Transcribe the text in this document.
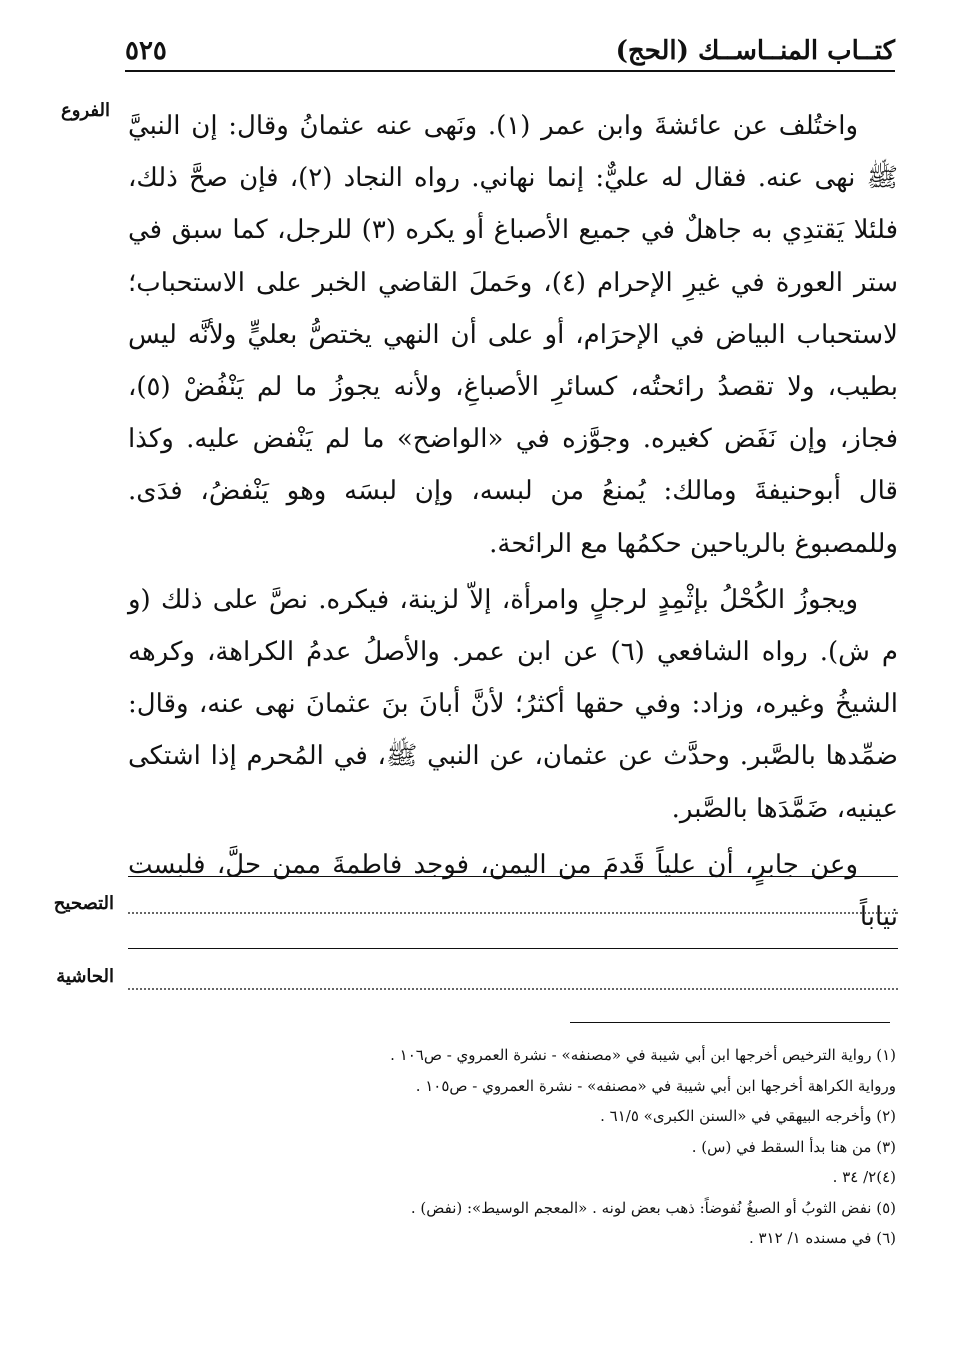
كتــاب المنــاســك (الحج)
٥٢٥
الفروع
التصحيح
الحاشية

واختُلف عن عائشةَ وابن عمر (١). ونَهى عنه عثمانُ وقال: إن النبيَّ ﷺ نهى عنه. فقال له عليٌّ: إنما نهاني. رواه النجاد (٢)، فإن صحَّ ذلك، فلئلا يَقتدِي به جاهلٌ في جميع الأصباغ أو يكره (٣) للرجل، كما سبق في ستر العورة في غيرِ الإحرام (٤)، وحَملَ القاضي الخبر على الاستحباب؛ لاستحباب البياض في الإحرَام، أو على أن النهي يختصُّ بعليٍّ ولأنَّه ليس بطيب، ولا تقصدُ رائحتُه، كسائرِ الأصباغِ، ولأنه يجوزُ ما لم يَنْفُضْ (٥)، فجاز، وإن نَفَض كغيره. وجوَّزه في «الواضح» ما لم يَنْفض عليه. وكذا قال أبوحنيفةَ ومالك: يُمنعُ من لبسه، وإن لبسَه وهو يَنْفضُ، فدَى. وللمصبوغ بالرياحين حكمُها مع الرائحة.

ويجوزُ الكُحْلُ بإثْمِدٍ لرجلٍ وامرأة، إلاّ لزينة، فيكره. نصَّ على ذلك (و م ش). رواه الشافعي (٦) عن ابن عمر. والأصلُ عدمُ الكراهة، وكرهه الشيخُ وغيره، وزاد: وفي حقها أكثرُ؛ لأنَّ أبانَ بنَ عثمانَ نهى عنه، وقال: ضمِّدها بالصَّبر. وحدَّث عن عثمان، عن النبي ﷺ، في المُحرم إذا اشتكى عينيه، ضَمَّدَها بالصَّبر.

وعن جابرٍ، أن علياً قَدمَ من اليمن، فوجد فاطمةَ ممن حلَّ، فلبست ثياباً

(١) رواية الترخيص أخرجها ابن أبي شيبة في «مصنفه» - نشرة العمروي - ص١٠٦ .
ورواية الكراهة أخرجها ابن أبي شيبة في «مصنفه» - نشرة العمروي - ص١٠٥ .
(٢) وأخرجه البيهقي في «السنن الكبرى» ٦١/٥ .
(٣) من هنا بدأ السقط في (س) .
(٤)٢/ ٣٤ .
(٥) نفض الثوبُ أو الصبغُ نُفوضاً: ذهب بعض لونه . «المعجم الوسيط»: (نفض) .
(٦) في مسنده ١/ ٣١٢ .
